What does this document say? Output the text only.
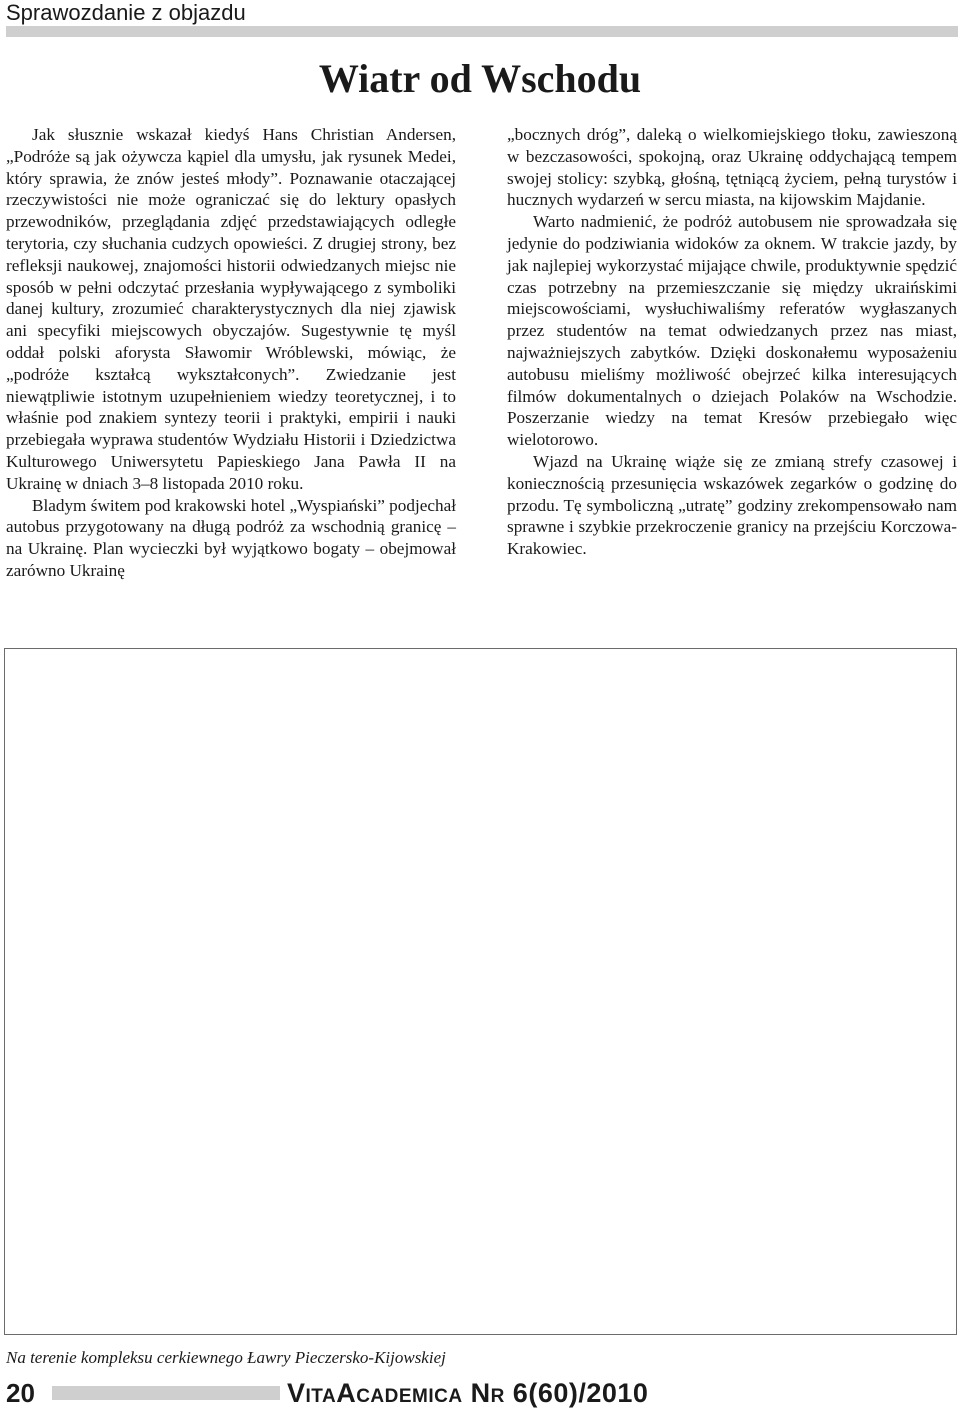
Sprawozdanie z objazdu
Wiatr od Wschodu

Jak słusznie wskazał kiedyś Hans Christian Andersen, „Podróże są jak ożywcza kąpiel dla umysłu, jak rysunek Medei, który sprawia, że znów jesteś młody”. Poznawanie otaczającej rzeczywistości nie może ograniczać się do lektury opasłych przewodników, przeglądania zdjęć przedstawiających odległe terytoria, czy słuchania cudzych opowieści. Z drugiej strony, bez refleksji naukowej, znajomości historii odwiedzanych miejsc nie sposób w pełni odczytać przesłania wypływającego z symboliki danej kultury, zrozumieć charakterystycznych dla niej zjawisk ani specyfiki miejscowych obyczajów. Sugestywnie tę myśl oddał polski aforysta Sławomir Wróblewski, mówiąc, że „podróże kształcą wykształconych”. Zwiedzanie jest niewątpliwie istotnym uzupełnieniem wiedzy teoretycznej, i to właśnie pod znakiem syntezy teorii i praktyki, empirii i nauki przebiegała wyprawa studentów Wydziału Historii i Dziedzictwa Kulturowego Uniwersytetu Papieskiego Jana Pawła II na Ukrainę w dniach 3–8 listopada 2010 roku.

Bladym świtem pod krakowski hotel „Wyspiański” podjechał autobus przygotowany na długą podróż za wschodnią granicę – na Ukrainę. Plan wycieczki był wyjątkowo bogaty – obejmował zarówno Ukrainę

„bocznych dróg”, daleką o wielkomiejskiego tłoku, zawieszoną w bezczasowości, spokojną, oraz Ukrainę oddychającą tempem swojej stolicy: szybką, głośną, tętniącą życiem, pełną turystów i hucznych wydarzeń w sercu miasta, na kijowskim Majdanie.

Warto nadmienić, że podróż autobusem nie sprowadzała się jedynie do podziwiania widoków za oknem. W trakcie jazdy, by jak najlepiej wykorzystać mijające chwile, produktywnie spędzić czas potrzebny na przemieszczanie się między ukraińskimi miejscowościami, wysłuchiwaliśmy referatów wygłaszanych przez studentów na temat odwiedzanych przez nas miast, najważniejszych zabytków. Dzięki doskonałemu wyposażeniu autobusu mieliśmy możliwość obejrzeć kilka interesujących filmów dokumentalnych o dziejach Polaków na Wschodzie. Poszerzanie wiedzy na temat Kresów przebiegało więc wielotorowo.

Wjazd na Ukrainę wiąże się ze zmianą strefy czasowej i koniecznością przesunięcia wskazówek zegarków o godzinę do przodu. Tę symboliczną „utratę” godziny zrekompensowało nam sprawne i szybkie przekroczenie granicy na przejściu Korczowa-Krakowiec.

Na terenie kompleksu cerkiewnego Ławry Pieczersko-Kijowskiej
20	VitaAcademica Nr 6(60)/2010
